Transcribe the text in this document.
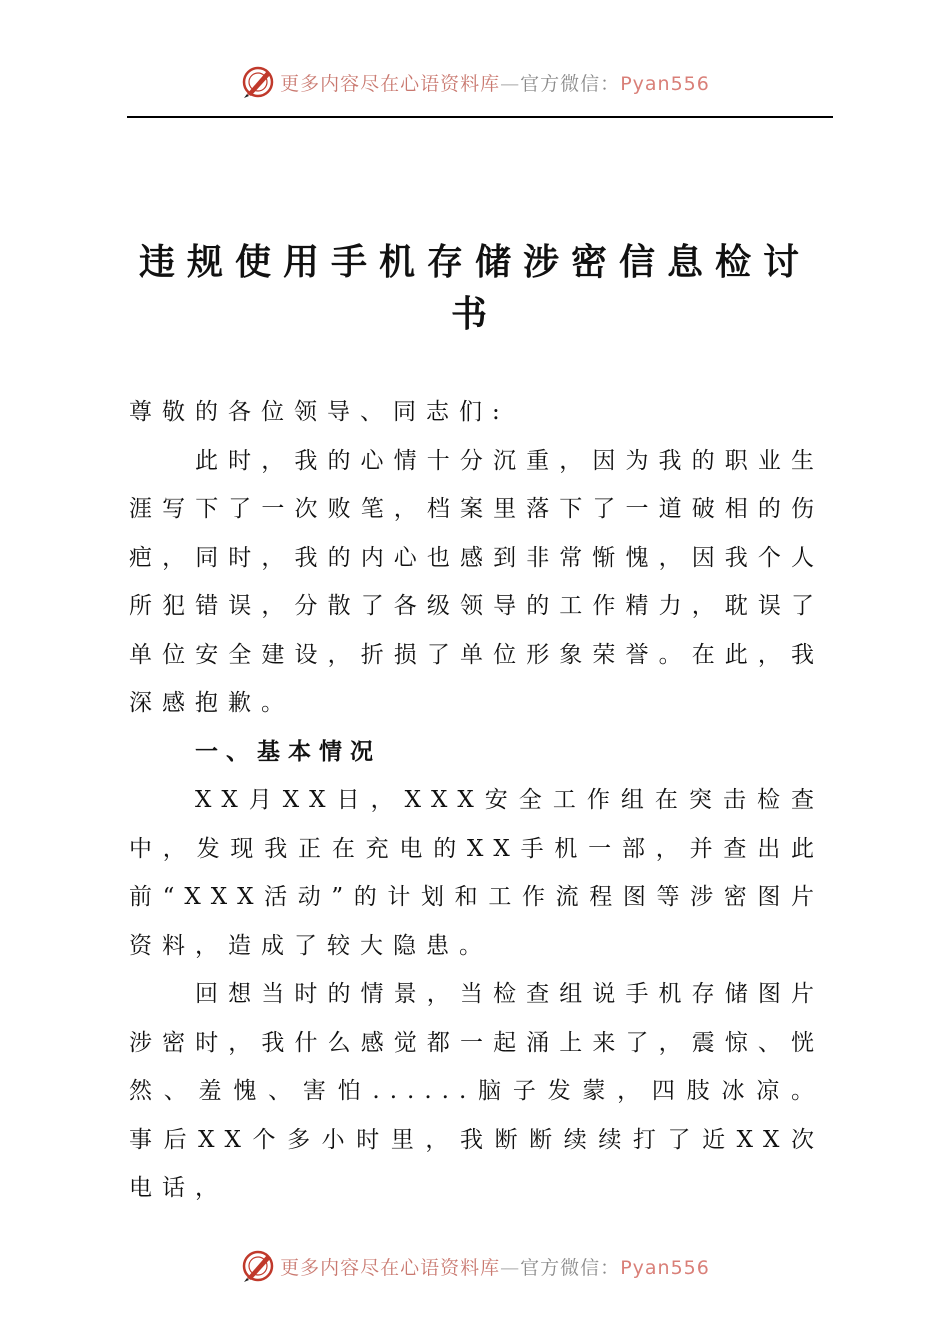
更多内容尽在心语资料库—官方微信：Pyan556
违规使用手机存储涉密信息检讨书

尊敬的各位领导、同志们:

此时，我的心情十分沉重，因为我的职业生涯写下了一次败笔，档案里落下了一道破相的伤疤，同时，我的内心也感到非常惭愧，因我个人所犯错误，分散了各级领导的工作精力，耽误了单位安全建设，折损了单位形象荣誉。在此，我深感抱歉。

一、基本情况

XX月XX日，XXX安全工作组在突击检查中，发现我正在充电的XX手机一部，并查出此前“XXX活动”的计划和工作流程图等涉密图片资料，造成了较大隐患。

回想当时的情景，当检查组说手机存储图片涉密时，我什么感觉都一起涌上来了，震惊、恍然、羞愧、害怕......脑子发蒙，四肢冰凉。事后XX个多小时里，我断断续续打了近XX次电话，

更多内容尽在心语资料库—官方微信：Pyan556
